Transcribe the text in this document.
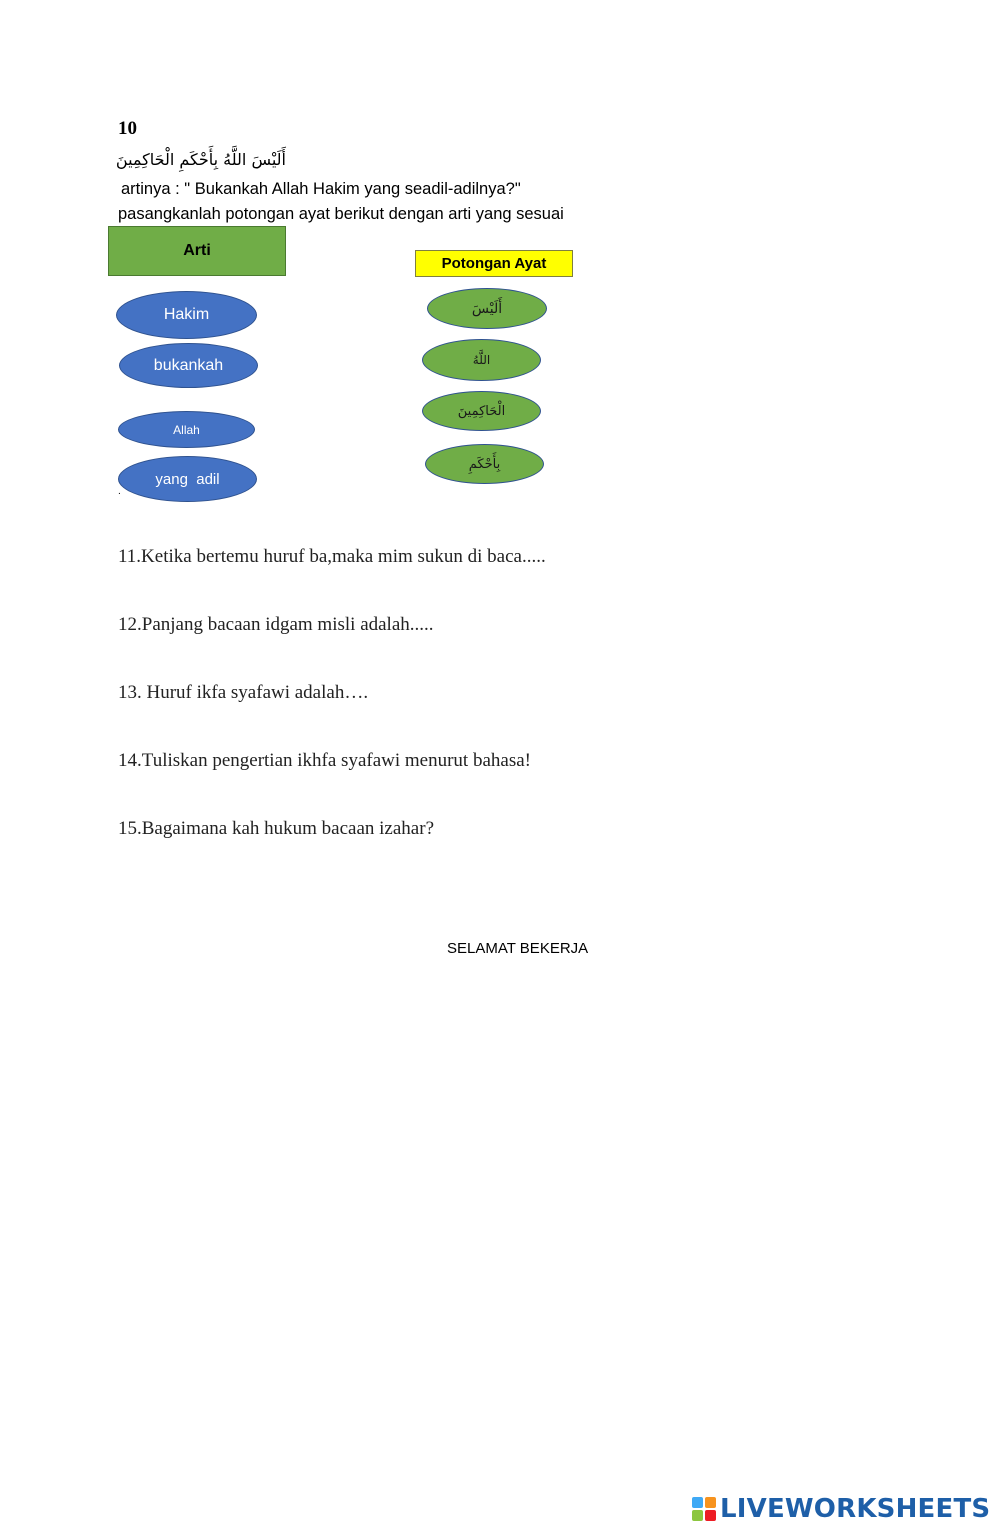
10
أَلَيْسَ اللَّهُ بِأَحْكَمِ الْحَاكِمِينَ
artinya : " Bukankah Allah Hakim yang seadil-adilnya?"
pasangkanlah potongan ayat berikut dengan arti yang sesuai
Arti
Potongan Ayat
Hakim
bukankah
Allah
yang  adil
أَلَيْسَ
اللَّهُ
الْحَاكِمِينَ
بِأَحْكَمِ
.
11.Ketika bertemu huruf ba,maka mim sukun di baca.....
12.Panjang bacaan idgam misli adalah.....
13. Huruf ikfa syafawi adalah….
14.Tuliskan pengertian ikhfa syafawi menurut bahasa!
15.Bagaimana kah hukum bacaan izahar?
SELAMAT BEKERJA
LIVEWORKSHEETS
